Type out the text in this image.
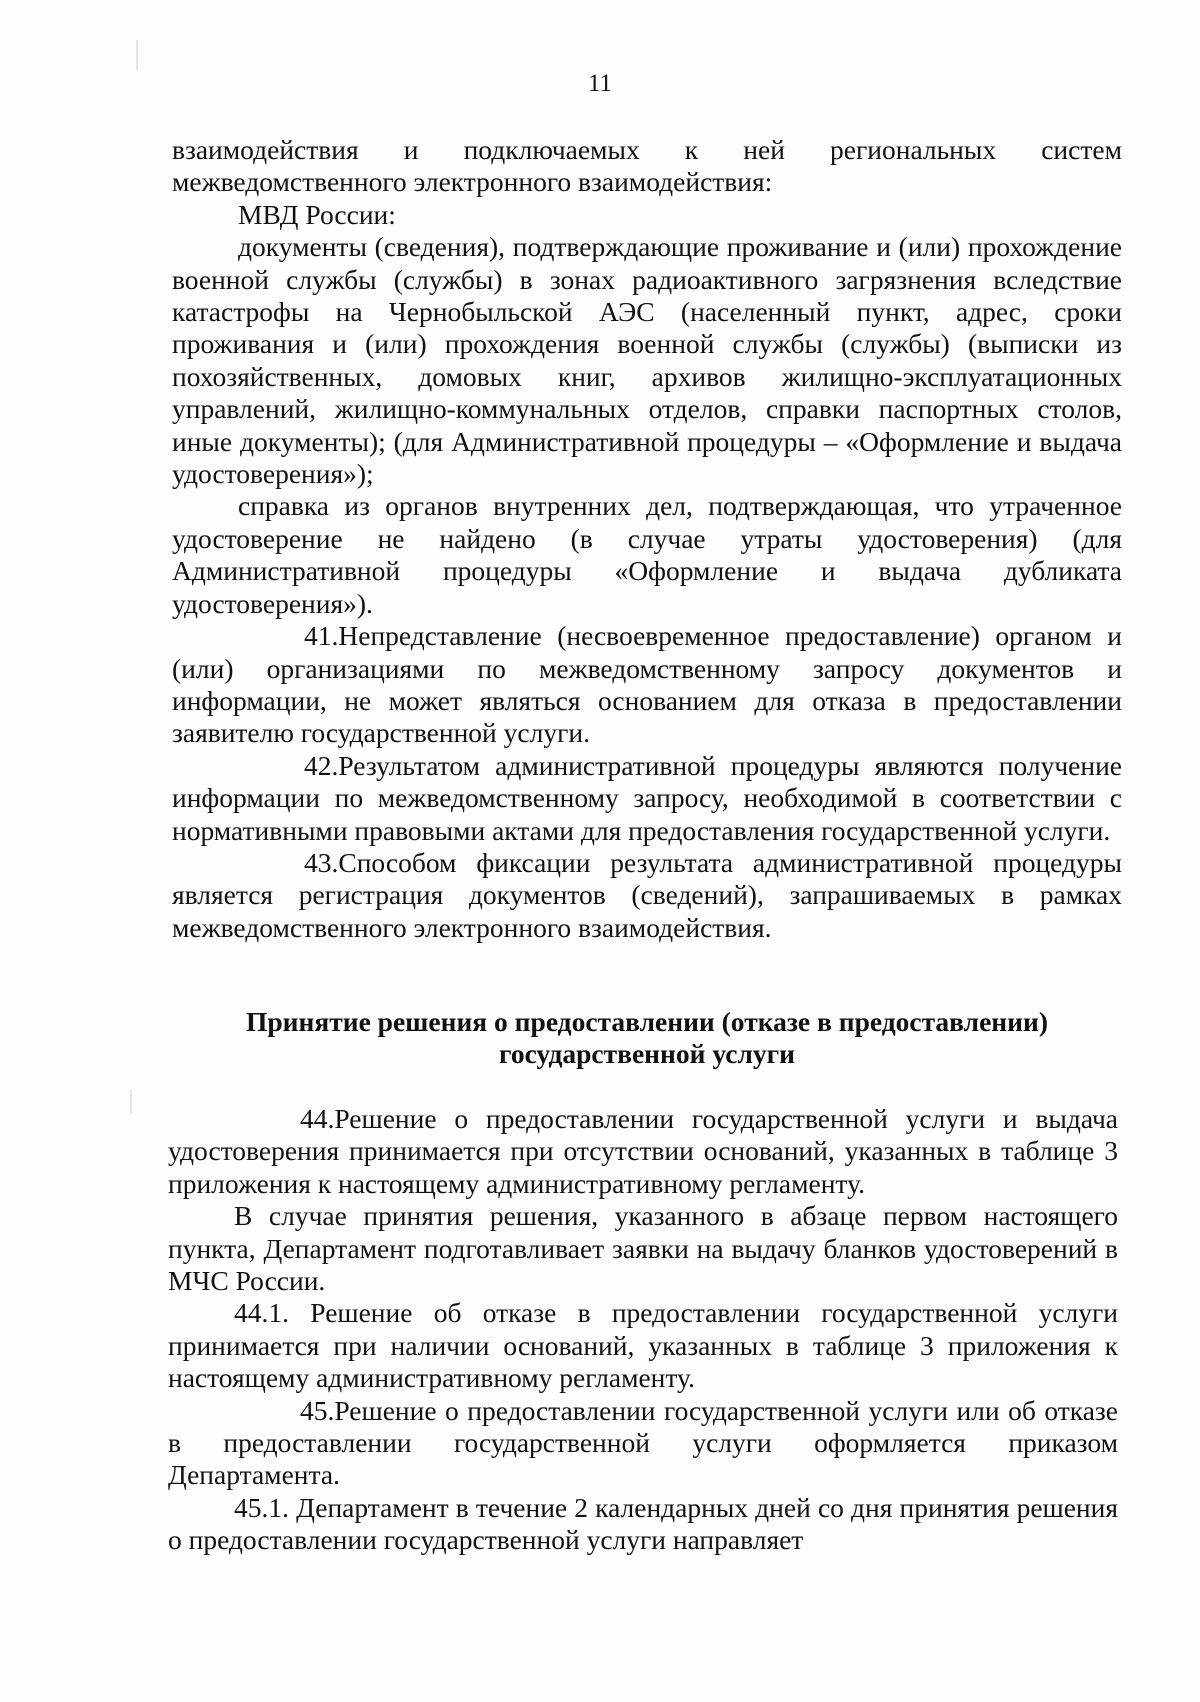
11

взаимодействия и подключаемых к ней региональных систем межведомственного электронного взаимодействия:

МВД России:

документы (сведения), подтверждающие проживание и (или) прохождение военной службы (службы) в зонах радиоактивного загрязнения вследствие катастрофы на Чернобыльской АЭС (населенный пункт, адрес, сроки проживания и (или) прохождения военной службы (службы) (выписки из похозяйственных, домовых книг, архивов жилищно-эксплуатационных управлений, жилищно-коммунальных отделов, справки паспортных столов, иные документы); (для Административной процедуры – «Оформление и выдача удостоверения»);

справка из органов внутренних дел, подтверждающая, что утраченное удостоверение не найдено (в случае утраты удостоверения) (для Административной процедуры «Оформление и выдача дубликата удостоверения»).

41.Непредставление (несвоевременное предоставление) органом и (или) организациями по межведомственному запросу документов и информации, не может являться основанием для отказа в предоставлении заявителю государственной услуги.

42.Результатом административной процедуры являются получение информации по межведомственному запросу, необходимой в соответствии с нормативными правовыми актами для предоставления государственной услуги.

43.Способом фиксации результата административной процедуры является регистрация документов (сведений), запрашиваемых в рамках межведомственного электронного взаимодействия.

Принятие решения о предоставлении (отказе в предоставлении)
государственной услуги

44.Решение о предоставлении государственной услуги и выдача удостоверения принимается при отсутствии оснований, указанных в таблице 3 приложения к настоящему административному регламенту.

В случае принятия решения, указанного в абзаце первом настоящего пункта, Департамент подготавливает заявки на выдачу бланков удостоверений в МЧС России.

44.1. Решение об отказе в предоставлении государственной услуги принимается при наличии оснований, указанных в таблице 3 приложения к настоящему административному регламенту.

45.Решение о предоставлении государственной услуги или об отказе в предоставлении государственной услуги оформляется приказом Департамента.

45.1. Департамент в течение 2 календарных дней со дня принятия решения о предоставлении государственной услуги направляет
